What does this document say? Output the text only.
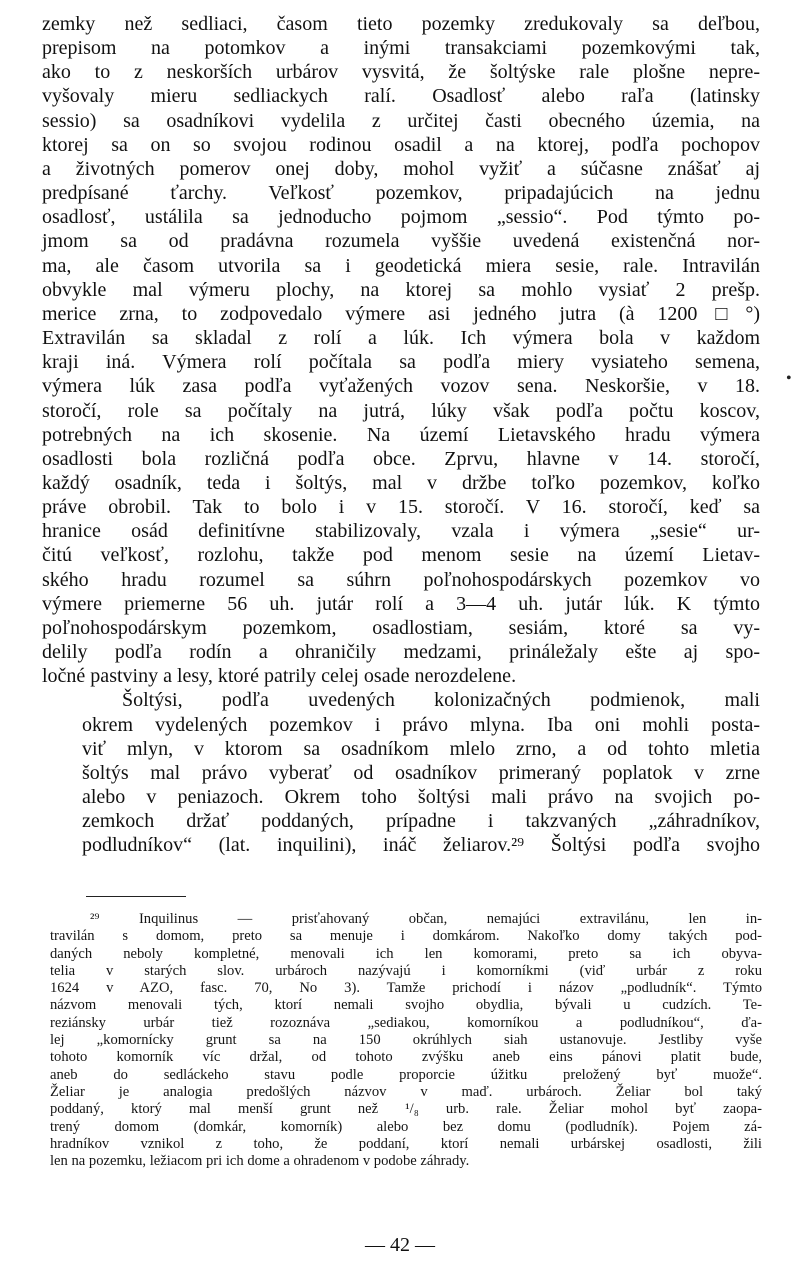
zemky než sedliaci, časom tieto pozemky zredukovaly sa deľbou,
prepisom na potomkov a inými transakciami pozemkovými tak,
ako to z neskorších urbárov vysvitá, že šoltýske rale plošne nepre-
vyšovaly mieru sedliackych ralí. Osadlosť alebo raľa (latinsky
sessio) sa osadníkovi vydelila z určitej časti obecného územia, na
ktorej sa on so svojou rodinou osadil a na ktorej, podľa pochopov
a životných pomerov onej doby, mohol vyžiť a súčasne znášať aj
predpísané ťarchy. Veľkosť pozemkov, pripadajúcich na jednu
osadlosť, ustálila sa jednoducho pojmom „sessio“. Pod týmto po-
jmom sa od pradávna rozumela vyššie uvedená existenčná nor-
ma, ale časom utvorila sa i geodetická miera sesie, rale. Intravilán
obvykle mal výmeru plochy, na ktorej sa mohlo vysiať 2 prešp.
merice zrna, to zodpovedalo výmere asi jedného jutra (à 1200□°)
Extravilán sa skladal z rolí a lúk. Ich výmera bola v každom
kraji iná. Výmera rolí počítala sa podľa miery vysiateho semena,
výmera lúk zasa podľa vyťažených vozov sena. Neskoršie, v 18.
storočí, role sa počítaly na jutrá, lúky však podľa počtu koscov,
potrebných na ich skosenie. Na území Lietavského hradu výmera
osadlosti bola rozličná podľa obce. Zprvu, hlavne v 14. storočí,
každý osadník, teda i šoltýs, mal v držbe toľko pozemkov, koľko
práve obrobil. Tak to bolo i v 15. storočí. V 16. storočí, keď sa
hranice osád definitívne stabilizovaly, vzala i výmera „sesie“ ur-
čitú veľkosť, rozlohu, takže pod menom sesie na území Lietav-
ského hradu rozumel sa súhrn poľnohospodárskych pozemkov vo
výmere priemerne 56 uh. jutár rolí a 3—4 uh. jutár lúk. K týmto
poľnohospodárskym pozemkom, osadlostiam, sesiám, ktoré sa vy-
delily podľa rodín a ohraničily medzami, prináležaly ešte aj spo-
ločné pastviny a lesy, ktoré patrily celej osade nerozdelene.
Šoltýsi, podľa uvedených kolonizačných podmienok, mali
okrem vydelených pozemkov i právo mlyna. Iba oni mohli posta-
viť mlyn, v ktorom sa osadníkom mlelo zrno, a od tohto mletia
šoltýs mal právo vyberať od osadníkov primeraný poplatok v zrne
alebo v peniazoch. Okrem toho šoltýsi mali právo na svojich po-
zemkoch držať poddaných, prípadne i takzvaných „záhradníkov,
podludníkov“ (lat. inquilini), ináč želiarov.²⁹ Šoltýsi podľa svojho
•
²⁹ Inquilinus — prisťahovaný občan, nemajúci extravilánu, len in-
travilán s domom, preto sa menuje i domkárom. Nakoľko domy takých pod-
daných neboly kompletné, menovali ich len komorami, preto sa ich obyva-
telia v starých slov. urbároch nazývajú i komorníkmi (viď urbár z roku
1624 v AZO, fasc. 70, No 3). Tamže prichodí i názov „podludník“. Týmto
názvom menovali tých, ktorí nemali svojho obydlia, bývali u cudzích. Te-
reziánsky urbár tiež rozoznáva „sediakou, komorníkou a podludníkou“, ďa-
lej „komornícky grunt sa na 150 okrúhlych siah ustanovuje. Jestliby vyše
tohoto komorník víc držal, od tohoto zvýšku aneb eins pánovi platit bude,
aneb do sedláckeho stavu podle proporcie úžitku preložený byť muože“.
Želiar je analogia predošlých názvov v maď. urbároch. Želiar bol taký
poddaný, ktorý mal menší grunt než ¹/₈ urb. rale. Želiar mohol byť zaopa-
trený domom (domkár, komorník) alebo bez domu (podludník). Pojem zá-
hradníkov vznikol z toho, že poddaní, ktorí nemali urbárskej osadlosti, žili
len na pozemku, ležiacom pri ich dome a ohradenom v podobe záhrady.
— 42 —
